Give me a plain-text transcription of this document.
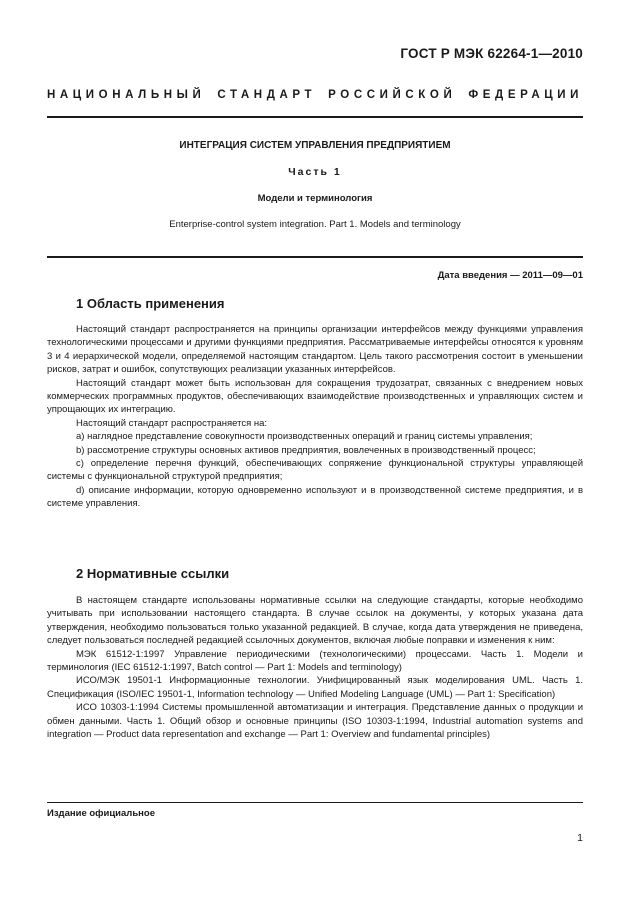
ГОСТ Р МЭК 62264-1—2010
НАЦИОНАЛЬНЫЙ СТАНДАРТ РОССИЙСКОЙ ФЕДЕРАЦИИ
ИНТЕГРАЦИЯ СИСТЕМ УПРАВЛЕНИЯ ПРЕДПРИЯТИЕМ
Часть 1
Модели и терминология
Enterprise-control system integration. Part 1. Models and terminology
Дата введения — 2011—09—01
1 Область применения

Настоящий стандарт распространяется на принципы организации интерфейсов между функциями управления технологическими процессами и другими функциями предприятия. Рассматриваемые интерфейсы относятся к уровням 3 и 4 иерархической модели, определяемой настоящим стандартом. Цель такого рассмотрения состоит в уменьшении рисков, затрат и ошибок, сопутствующих реализации указанных интерфейсов.

Настоящий стандарт может быть использован для сокращения трудозатрат, связанных с внедрением новых коммерческих программных продуктов, обеспечивающих взаимодействие производственных и управляющих систем и упрощающих их интеграцию.

Настоящий стандарт распространяется на:

a) наглядное представление совокупности производственных операций и границ системы управления;

b) рассмотрение структуры основных активов предприятия, вовлеченных в производственный процесс;

c) определение перечня функций, обеспечивающих сопряжение функциональной структуры управляющей системы с функциональной структурой предприятия;

d) описание информации, которую одновременно используют и в производственной системе предприятия, и в системе управления.

2 Нормативные ссылки

В настоящем стандарте использованы нормативные ссылки на следующие стандарты, которые необходимо учитывать при использовании настоящего стандарта. В случае ссылок на документы, у которых указана дата утверждения, необходимо пользоваться только указанной редакцией. В случае, когда дата утверждения не приведена, следует пользоваться последней редакцией ссылочных документов, включая любые поправки и изменения к ним:

МЭК 61512-1:1997 Управление периодическими (технологическими) процессами. Часть 1. Модели и терминология (IEC 61512-1:1997, Batch control — Part 1: Models and terminology)

ИСО/МЭК 19501-1 Информационные технологии. Унифицированный язык моделирования UML. Часть 1. Спецификация (ISO/IEC 19501-1, Information technology — Unified Modeling Language (UML) — Part 1: Specification)

ИСО 10303-1:1994 Системы промышленной автоматизации и интеграция. Представление данных о продукции и обмен данными. Часть 1. Общий обзор и основные принципы (ISO 10303-1:1994, Industrial automation systems and integration — Product data representation and exchange — Part 1: Overview and fundamental principles)

Издание официальное
1
